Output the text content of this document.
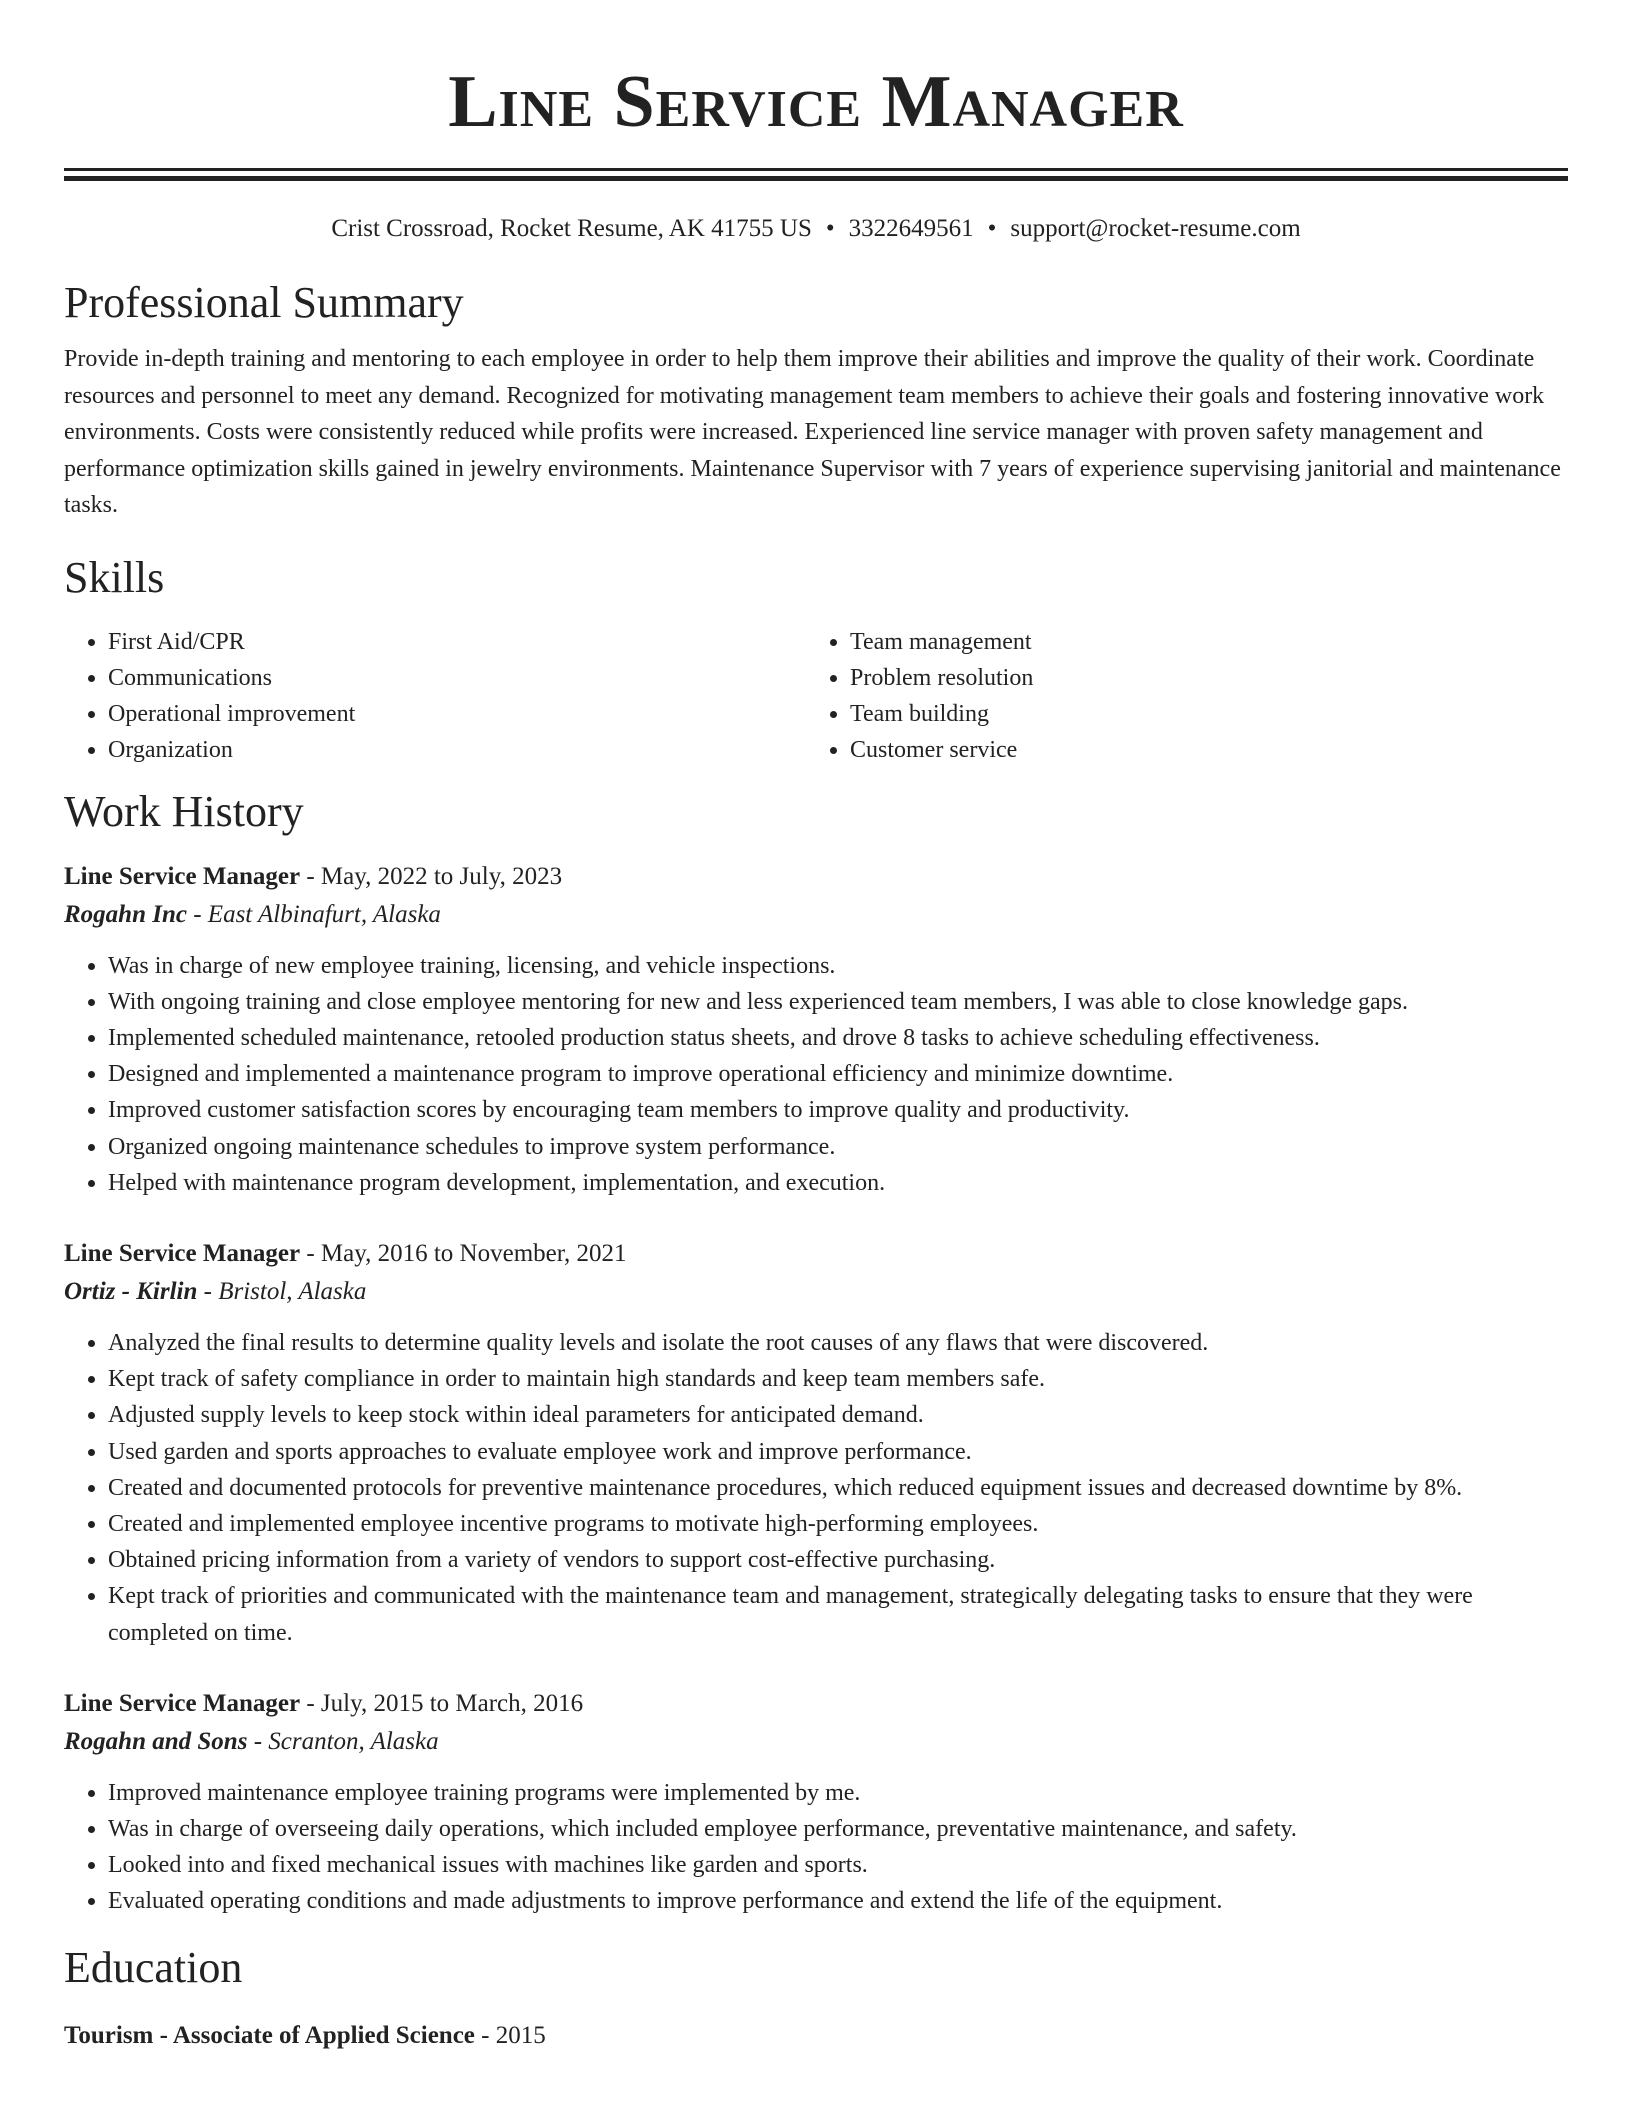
Line Service Manager
Crist Crossroad, Rocket Resume, AK 41755 US • 3322649561 • support@rocket-resume.com
Professional Summary

Provide in-depth training and mentoring to each employee in order to help them improve their abilities and improve the quality of their work. Coordinate resources and personnel to meet any demand. Recognized for motivating management team members to achieve their goals and fostering innovative work environments. Costs were consistently reduced while profits were increased. Experienced line service manager with proven safety management and performance optimization skills gained in jewelry environments. Maintenance Supervisor with 7 years of experience supervising janitorial and maintenance tasks.

Skills
• First Aid/CPR
• Communications
• Operational improvement
• Organization
• Team management
• Problem resolution
• Team building
• Customer service
Work History
Line Service Manager - May, 2022 to July, 2023
Rogahn Inc - East Albinafurt, Alaska
• Was in charge of new employee training, licensing, and vehicle inspections.
• With ongoing training and close employee mentoring for new and less experienced team members, I was able to close knowledge gaps.
• Implemented scheduled maintenance, retooled production status sheets, and drove 8 tasks to achieve scheduling effectiveness.
• Designed and implemented a maintenance program to improve operational efficiency and minimize downtime.
• Improved customer satisfaction scores by encouraging team members to improve quality and productivity.
• Organized ongoing maintenance schedules to improve system performance.
• Helped with maintenance program development, implementation, and execution.
Line Service Manager - May, 2016 to November, 2021
Ortiz - Kirlin - Bristol, Alaska
• Analyzed the final results to determine quality levels and isolate the root causes of any flaws that were discovered.
• Kept track of safety compliance in order to maintain high standards and keep team members safe.
• Adjusted supply levels to keep stock within ideal parameters for anticipated demand.
• Used garden and sports approaches to evaluate employee work and improve performance.
• Created and documented protocols for preventive maintenance procedures, which reduced equipment issues and decreased downtime by 8%.
• Created and implemented employee incentive programs to motivate high-performing employees.
• Obtained pricing information from a variety of vendors to support cost-effective purchasing.
• Kept track of priorities and communicated with the maintenance team and management, strategically delegating tasks to ensure that they were completed on time.
Line Service Manager - July, 2015 to March, 2016
Rogahn and Sons - Scranton, Alaska
• Improved maintenance employee training programs were implemented by me.
• Was in charge of overseeing daily operations, which included employee performance, preventative maintenance, and safety.
• Looked into and fixed mechanical issues with machines like garden and sports.
• Evaluated operating conditions and made adjustments to improve performance and extend the life of the equipment.
Education
Tourism - Associate of Applied Science - 2015
